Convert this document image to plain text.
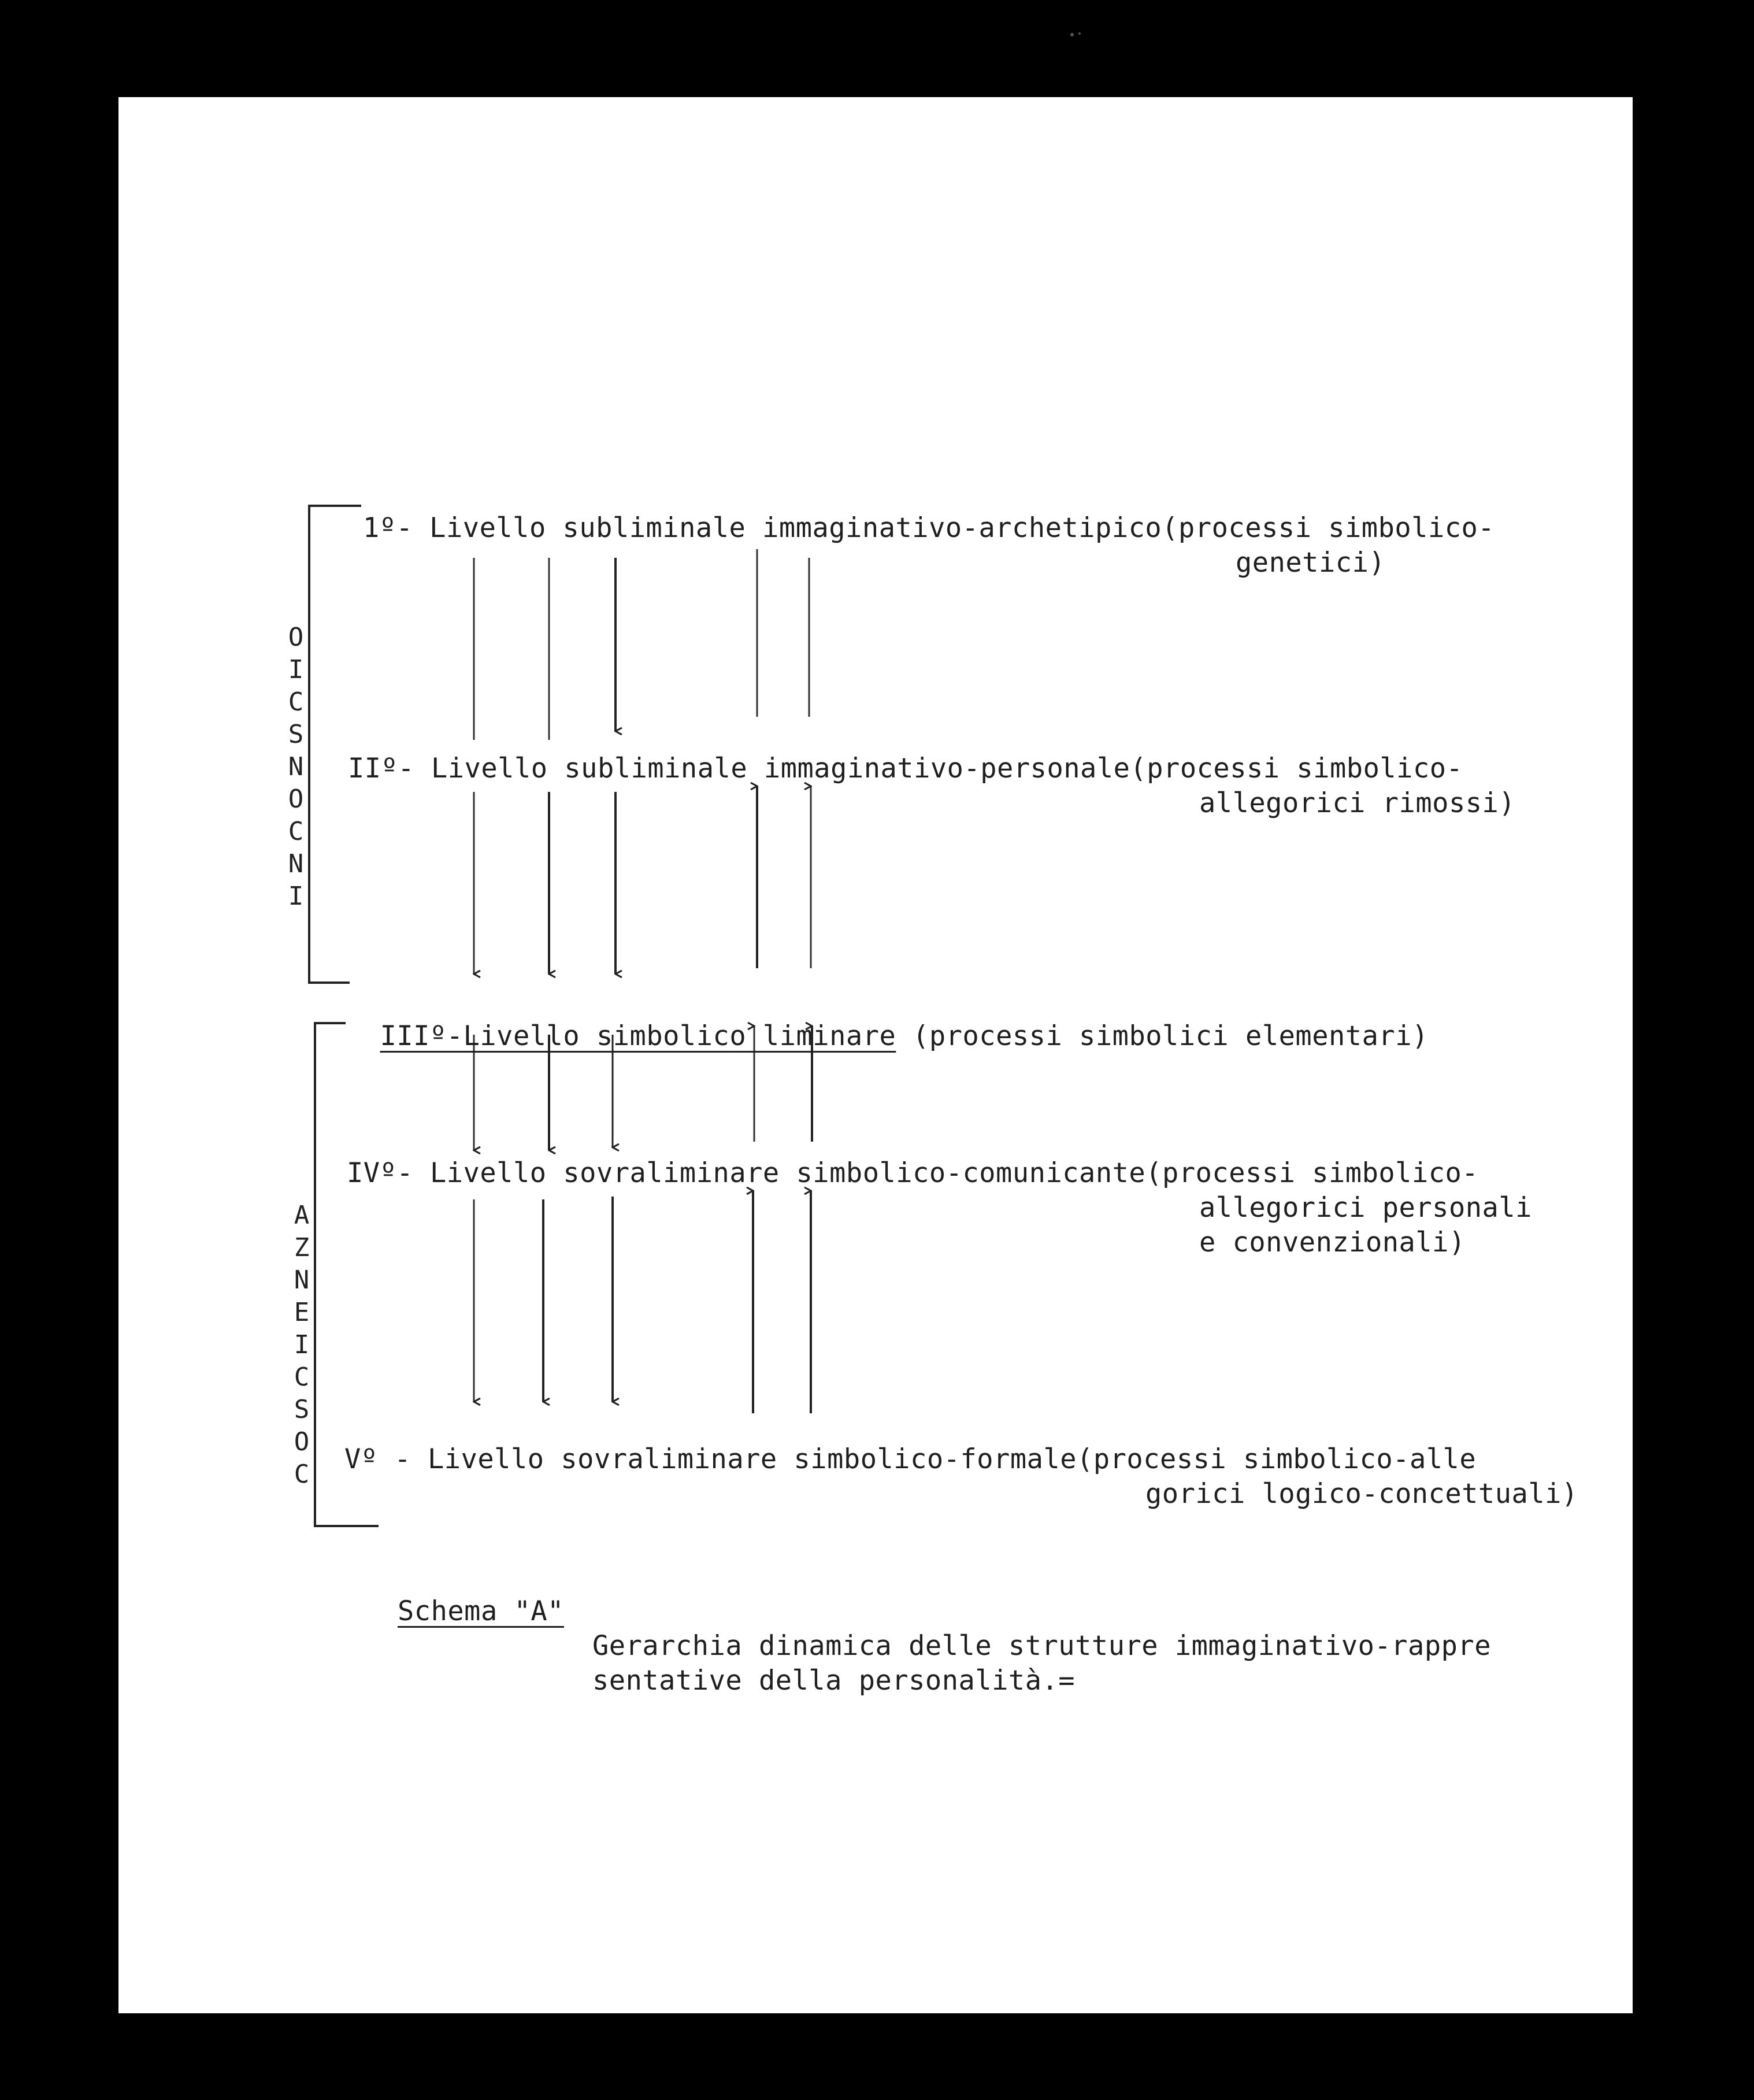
O
I
C
S
N
O
C
N
I
A
Z
N
E
I
C
S
O
C
1º- Livello subliminale immaginativo-archetipico(processi simbolico-
genetici)
IIº- Livello subliminale immaginativo-personale(processi simbolico-
allegorici rimossi)

IIIº-Livello simbolico liminare (processi simbolici elementari)

IVº- Livello sovraliminare simbolico-comunicante(processi simbolico-
allegorici personali
e convenzionali)
Vº - Livello sovraliminare simbolico-formale(processi simbolico-alle
gorici logico-concettuali)
Schema "A"
Gerarchia dinamica delle strutture immaginativo-rappre
sentative della personalità.=
